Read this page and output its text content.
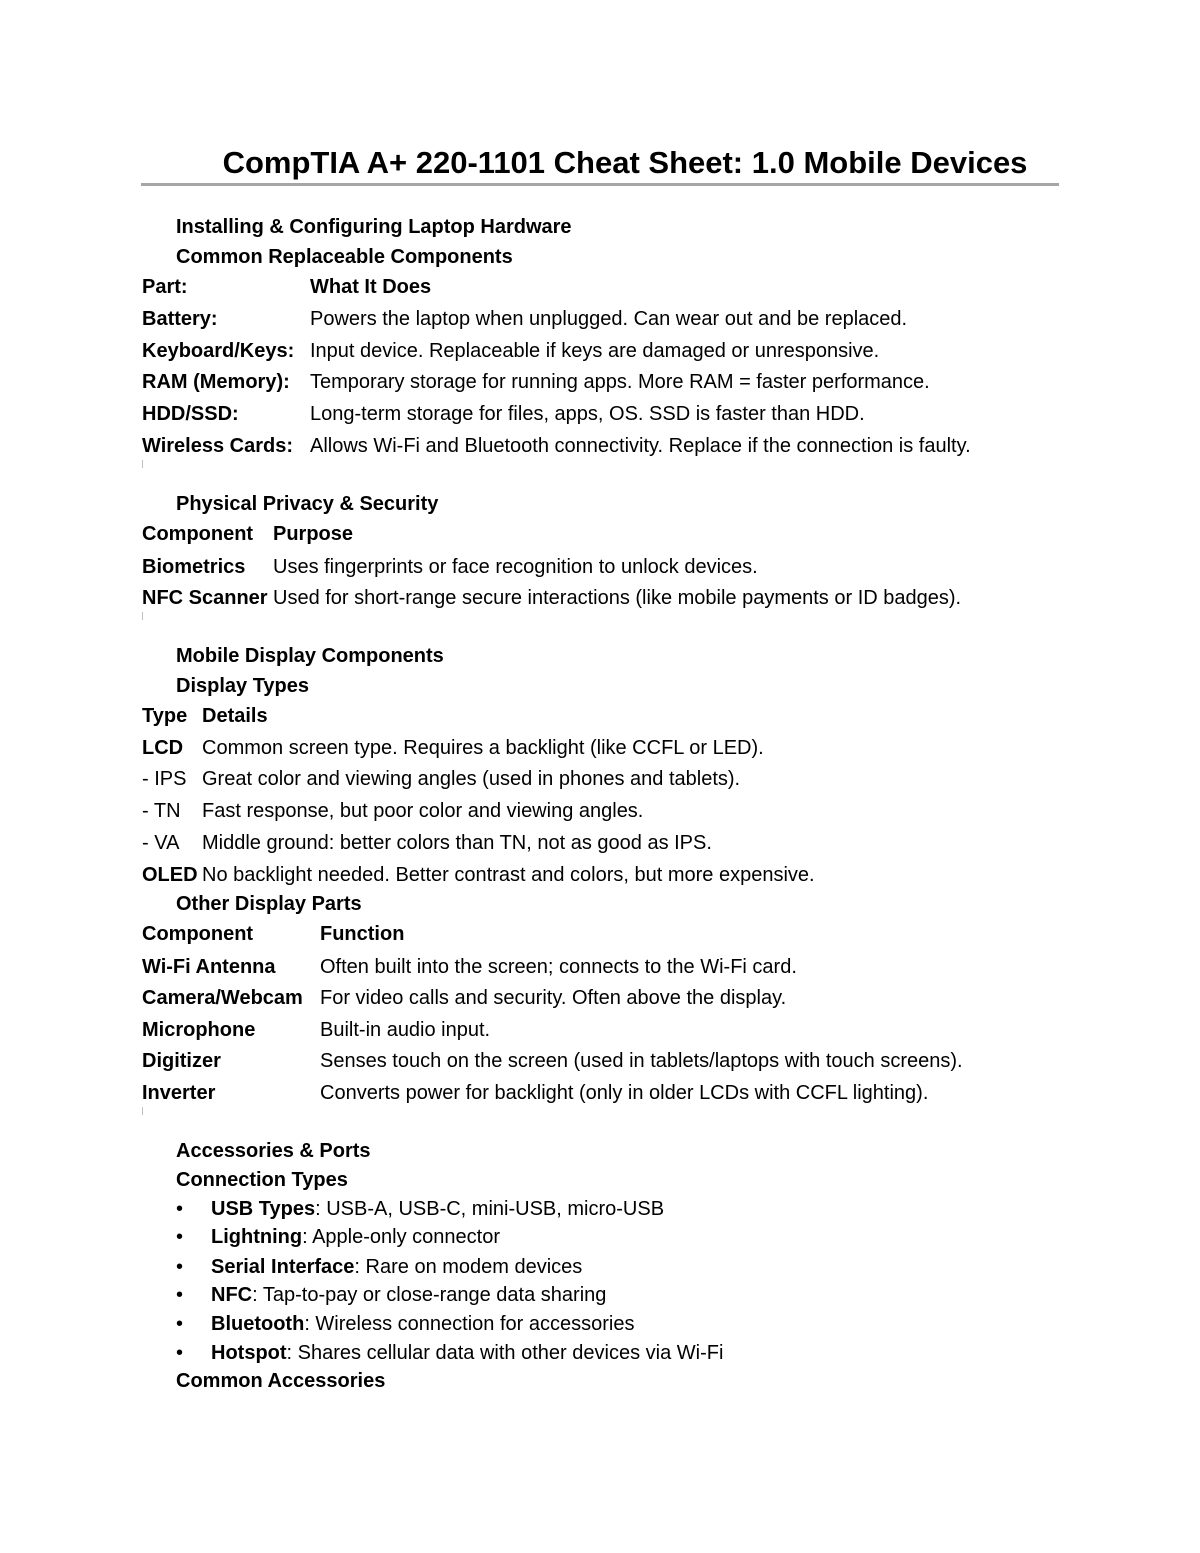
CompTIA A+ 220-1101 Cheat Sheet: 1.0 Mobile Devices
Installing & Configuring Laptop Hardware
Common Replaceable Components
Part:	What It Does
Battery:	Powers the laptop when unplugged. Can wear out and be replaced.
Keyboard/Keys: Input device. Replaceable if keys are damaged or unresponsive.
RAM (Memory): Temporary storage for running apps. More RAM = faster performance.
HDD/SSD:	Long-term storage for files, apps, OS. SSD is faster than HDD.
Wireless Cards: Allows Wi-Fi and Bluetooth connectivity. Replace if the connection is faulty.
Physical Privacy & Security
Component Purpose
Biometrics Uses fingerprints or face recognition to unlock devices.
NFC Scanner Used for short-range secure interactions (like mobile payments or ID badges).
Mobile Display Components
Display Types
Type Details
LCD Common screen type. Requires a backlight (like CCFL or LED).
- IPS Great color and viewing angles (used in phones and tablets).
- TN Fast response, but poor color and viewing angles.
- VA Middle ground: better colors than TN, not as good as IPS.
OLED No backlight needed. Better contrast and colors, but more expensive.
Other Display Parts
Component	Function
Wi-Fi Antenna Often built into the screen; connects to the Wi-Fi card.
Camera/Webcam For video calls and security. Often above the display.
Microphone	Built-in audio input.
Digitizer	Senses touch on the screen (used in tablets/laptops with touch screens).
Inverter	Converts power for backlight (only in older LCDs with CCFL lighting).
Accessories & Ports
Connection Types
• USB Types: USB-A, USB-C, mini-USB, micro-USB
• Lightning: Apple-only connector
• Serial Interface: Rare on modem devices
• NFC: Tap-to-pay or close-range data sharing
• Bluetooth: Wireless connection for accessories
• Hotspot: Shares cellular data with other devices via Wi-Fi
Common Accessories
